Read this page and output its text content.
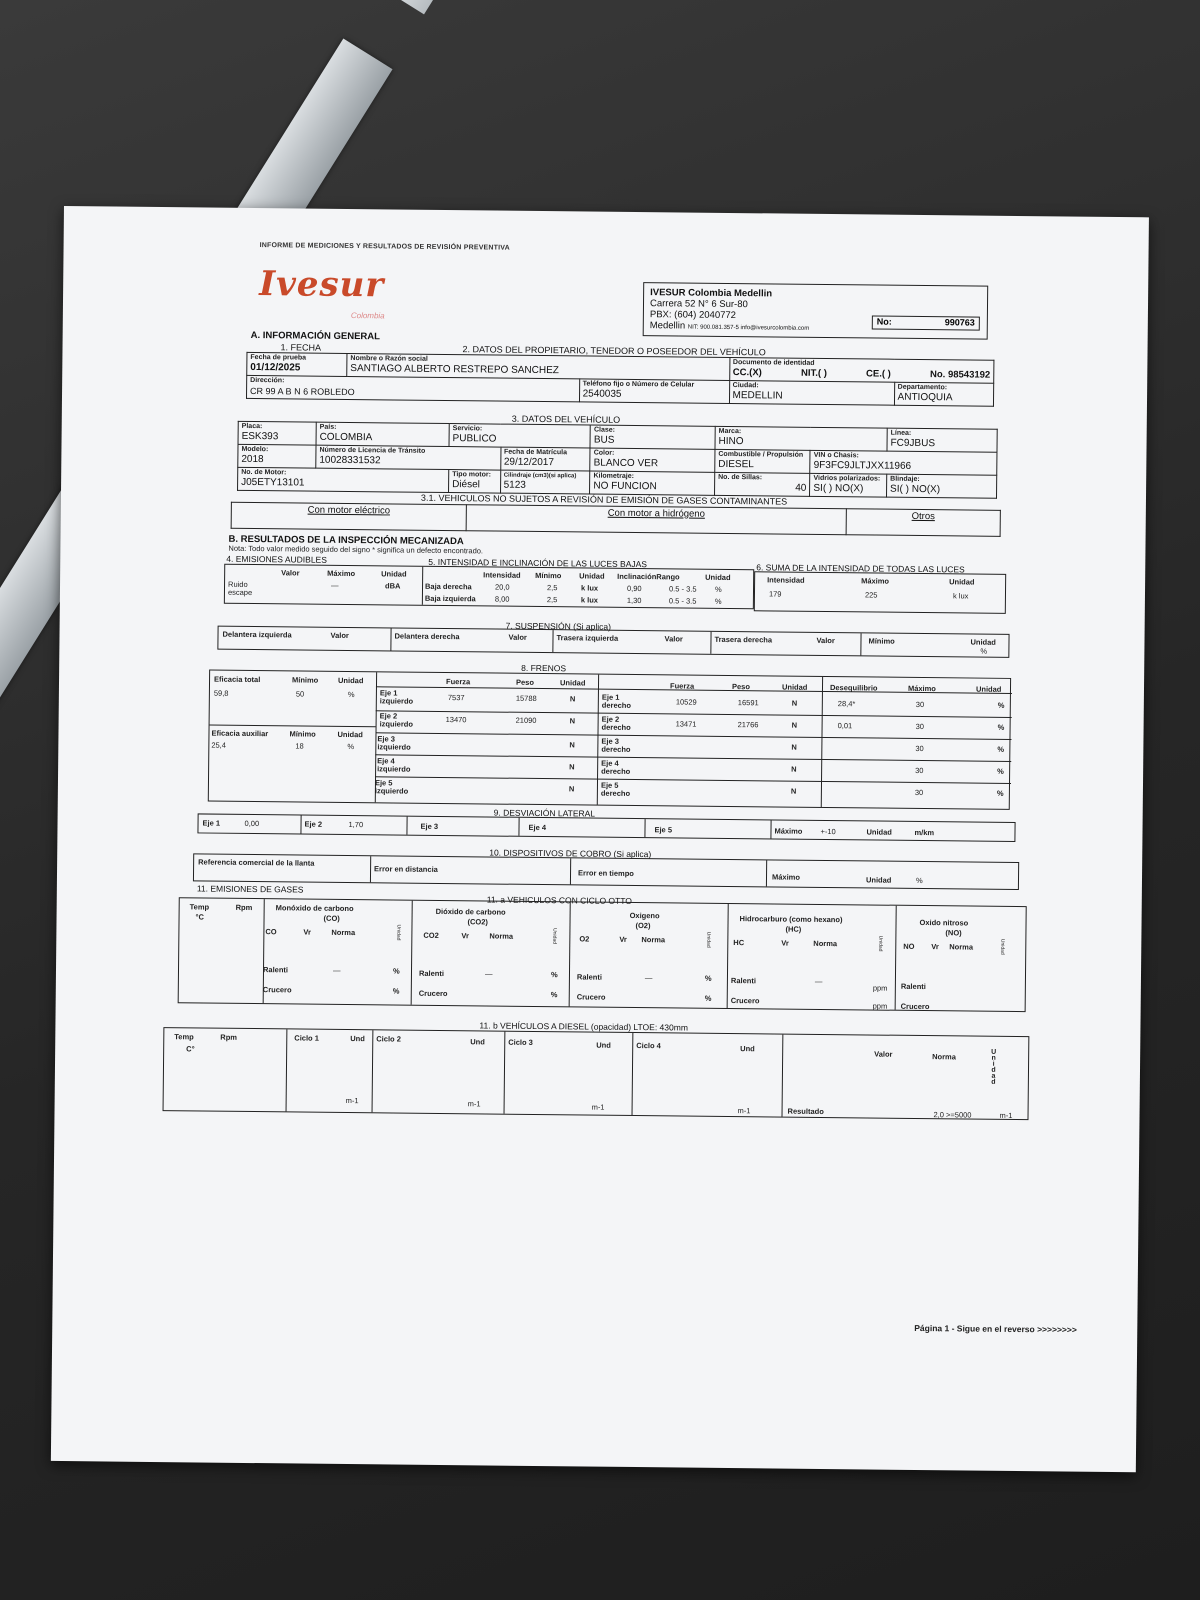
INFORME DE MEDICIONES Y RESULTADOS DE REVISIÓN PREVENTIVA
Ivesur
Colombia
IVESUR Colombia Medellin
Carrera 52 N° 6 Sur-80
PBX: (604) 2040772
Medellin NIT: 900.081.357-5 info@ivesurcolombia.com
No:	990763
A. INFORMACIÓN GENERAL
1. FECHA	2. DATOS DEL PROPIETARIO, TENEDOR O POSEEDOR DEL VEHÍCULO
Fecha de prueba
01/12/2025	Nombre o Razón social
SANTIAGO ALBERTO RESTREPO SANCHEZ		Documento de identidad
CC.(X) NIT.( ) CE.( ) No. 98543192	

Dirección:
CR 99 A B N 6 ROBLEDO		Teléfono fijo o Número de Celular
2540035	Ciudad:
MEDELLIN	Departamento:
ANTIOQUIA
3. DATOS DEL VEHÍCULO
Placa:
ESK393	País:
COLOMBIA	Servicio:
PUBLICO		Clase:
BUS	Marca:
HINO		Línea:
FC9JBUS

Modelo:
2018	Número de Licencia de Tránsito
10028331532		Fecha de Matrícula
29/12/2017	Color:
BLANCO VER	Combustible / Propulsión
DIESEL	VIN o Chasis:
9F3FC9JLTJXX11966	

No. de Motor:
J05ETY13101		Tipo motor:
Diésel	Cilindraje (cm3)(si aplica)
5123	Kilometraje:
NO FUNCION	No. de Sillas:
40	Vidrios polarizados:
SI( ) NO(X)	Blindaje:
SI( ) NO(X)
3.1. VEHICULOS NO SUJETOS A REVISIÓN DE EMISIÓN DE GASES CONTAMINANTES
Con motor eléctrico	Con motor a hidrógeno	Otros
B. RESULTADOS DE LA INSPECCIÓN MECANIZADA
Nota: Todo valor medido seguido del signo * significa un defecto encontrado.
4. EMISIONES AUDIBLES	5. INTENSIDAD E INCLINACIÓN DE LAS LUCES BAJAS	6. SUMA DE LA INTENSIDAD DE TODAS LAS LUCES
Valor	Máximo	Unidad
Ruido escape
—	dBA
Intensidad Mínimo Unidad InclinaciónRango	Unidad
Baja derecha	20,0	2,5	k lux	0,90	0.5 - 3.5 %
Baja izquierda	8,00	2,5	k lux	1,30	0.5 - 3.5 %
Intensidad	Máximo	Unidad
179	225	k lux
7. SUSPENSIÓN (Si aplica)
Delantera izquierda	Valor	Delantera derecha	Valor	Trasera izquierda	Valor	Trasera derecha	Valor	Mínimo	Unidad
%
8. FRENOS
Eficacia total	Mínimo	Unidad
59,8	50	%
Eficacia auxiliar	Mínimo	Unidad
25,4	18	%
Fuerza	Peso	Unidad	Fuerza	Peso	Unidad	Desequilibrio	Máximo	Unidad
Eje 1 izquierdo	7537	15788	N	Eje 1 derecho	10529	16591	N	28,4*	30	%
Eje 2 izquierdo	13470	21090	N	Eje 2 derecho	13471	21766	N	0,01	30	%
Eje 3 izquierdo	N	Eje 3 derecho	N	30	%
Eje 4 izquierdo	N	Eje 4 derecho	N	30	%
Eje 5 izquierdo	N	Eje 5 derecho	N	30	%
9. DESVIACIÓN LATERAL
Eje 1	0,00	Eje 2	1,70	Eje 3	Eje 4	Eje 5	Máximo +-10	Unidad	m/km
10. DISPOSITIVOS DE COBRO (Si aplica)
Referencia comercial de la llanta
Error en distancia	Error en tiempo	Máximo	Unidad	%
11. EMISIONES DE GASES
11. a VEHICULOS CON CICLO OTTO
Temp
°C
Rpm	Monóxido de carbono
(CO)
CO	Vr	Norma	Unidad
Ralenti	—	%
Crucero	%
Dióxido de carbono
(CO2)
CO2	Vr	Norma	Unidad
Ralenti	—	%
Crucero	%
Oxigeno
(O2)
O2	Vr Norma	Unidad
Ralenti	—	%
Crucero	%
Hidrocarburo (como hexano)
(HC)
HC	Vr	Norma	Unidad
Ralenti	—
ppm
Crucero
ppm
Oxido nitroso
(NO)
NO Vr Norma	Unidad
Ralenti
Crucero
11. b VEHÍCULOS A DIESEL (opacidad) LTOE: 430mm
Temp
C°
Rpm	Ciclo 1	Und
m-1
Ciclo 2	Und
m-1
Ciclo 3	Und
m-1
Ciclo 4	Und
m-1
Valor	Norma	Unidad
Resultado	2,0 >=5000	m-1
Página 1 - Sigue en el reverso >>>>>>>>
